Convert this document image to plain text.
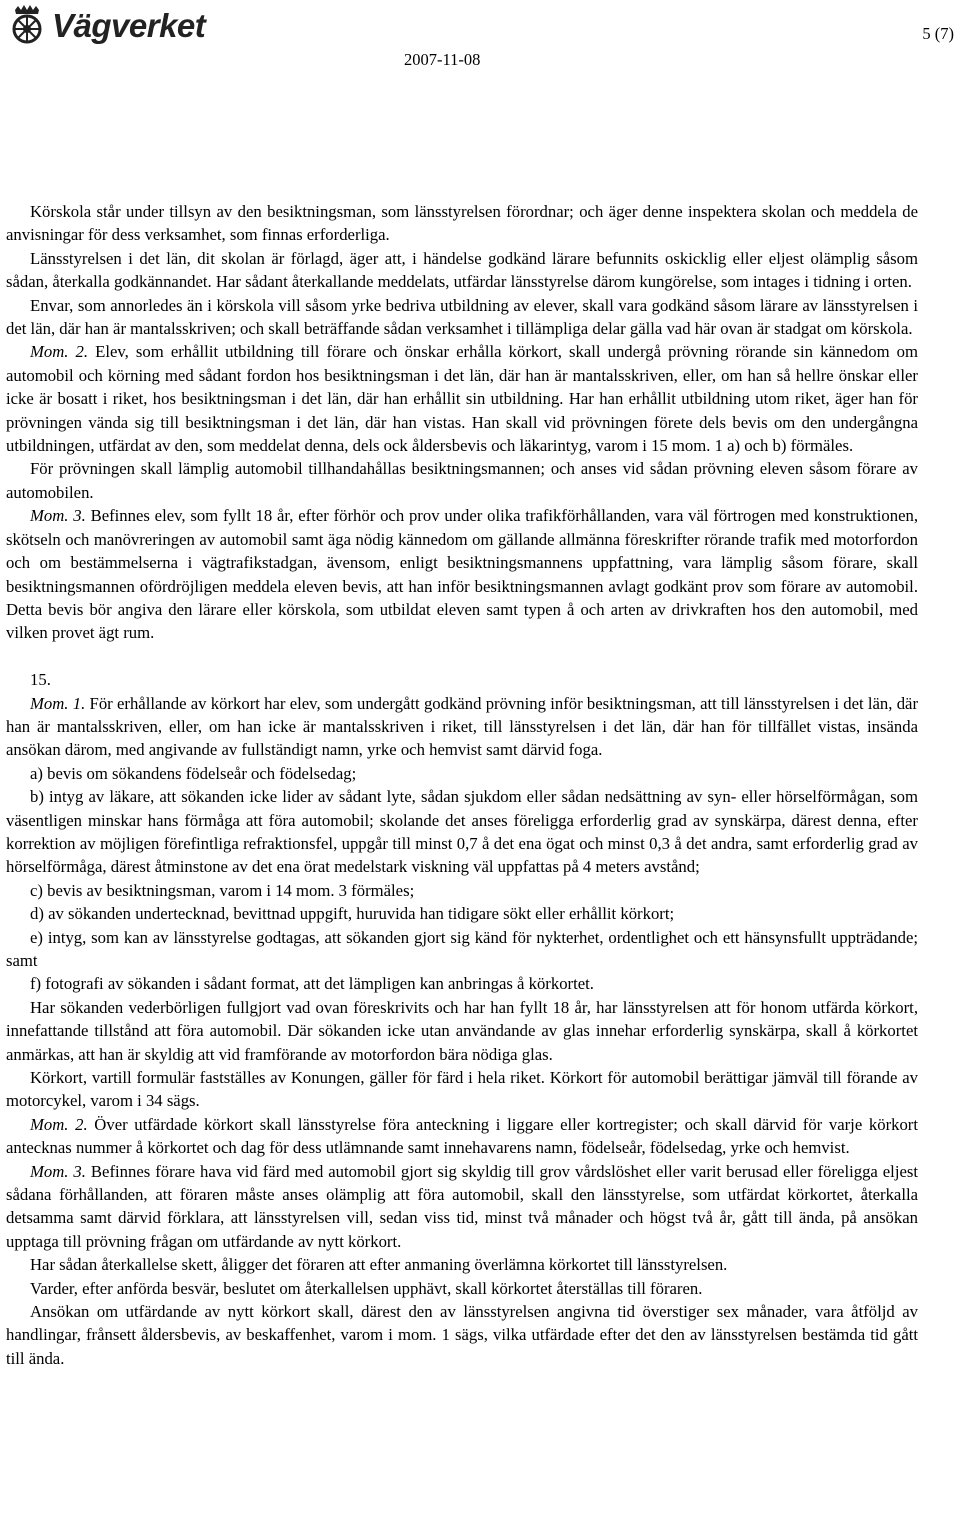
Vägverket
2007-11-08
5 (7)

Körskola står under tillsyn av den besiktningsman, som länsstyrelsen förordnar; och äger denne inspektera skolan och meddela de anvisningar för dess verksamhet, som finnas erforderliga.

Länsstyrelsen i det län, dit skolan är förlagd, äger att, i händelse godkänd lärare befunnits oskicklig eller eljest olämplig såsom sådan, återkalla godkännandet. Har sådant återkallande meddelats, utfärdar länsstyrelse därom kungörelse, som intages i tidning i orten.

Envar, som annorledes än i körskola vill såsom yrke bedriva utbildning av elever, skall vara godkänd såsom lärare av länsstyrelsen i det län, där han är mantalsskriven; och skall beträffande sådan verksamhet i tillämpliga delar gälla vad här ovan är stadgat om körskola.

Mom. 2. Elev, som erhållit utbildning till förare och önskar erhålla körkort, skall undergå prövning rörande sin kännedom om automobil och körning med sådant fordon hos besiktningsman i det län, där han är mantalsskriven, eller, om han så hellre önskar eller icke är bosatt i riket, hos besiktningsman i det län, där han erhållit sin utbildning. Har han erhållit utbildning utom riket, äger han för prövningen vända sig till besiktningsman i det län, där han vistas. Han skall vid prövningen förete dels bevis om den undergångna utbildningen, utfärdat av den, som meddelat denna, dels ock åldersbevis och läkarintyg, varom i 15 mom. 1 a) och b) förmäles.

För prövningen skall lämplig automobil tillhandahållas besiktningsmannen; och anses vid sådan prövning eleven såsom förare av automobilen.

Mom. 3. Befinnes elev, som fyllt 18 år, efter förhör och prov under olika trafikförhållanden, vara väl förtrogen med konstruktionen, skötseln och manövreringen av automobil samt äga nödig kännedom om gällande allmänna föreskrifter rörande trafik med motorfordon och om bestämmelserna i vägtrafikstadgan, ävensom, enligt besiktningsmannens uppfattning, vara lämplig såsom förare, skall besiktningsmannen ofördröjligen meddela eleven bevis, att han inför besiktningsmannen avlagt godkänt prov som förare av automobil. Detta bevis bör angiva den lärare eller körskola, som utbildat eleven samt typen å och arten av drivkraften hos den automobil, med vilken provet ägt rum.

15.

Mom. 1. För erhållande av körkort har elev, som undergått godkänd prövning inför besiktningsman, att till länsstyrelsen i det län, där han är mantalsskriven, eller, om han icke är mantalsskriven i riket, till länsstyrelsen i det län, där han för tillfället vistas, insända ansökan därom, med angivande av fullständigt namn, yrke och hemvist samt därvid foga.

a) bevis om sökandens födelseår och födelsedag;

b) intyg av läkare, att sökanden icke lider av sådant lyte, sådan sjukdom eller sådan nedsättning av syn- eller hörselförmågan, som väsentligen minskar hans förmåga att föra automobil; skolande det anses föreligga erforderlig grad av synskärpa, därest denna, efter korrektion av möjligen förefintliga refraktionsfel, uppgår till minst 0,7 å det ena ögat och minst 0,3 å det andra, samt erforderlig grad av hörselförmåga, därest åtminstone av det ena örat medelstark viskning väl uppfattas på 4 meters avstånd;

c) bevis av besiktningsman, varom i 14 mom. 3 förmäles;

d) av sökanden undertecknad, bevittnad uppgift, huruvida han tidigare sökt eller erhållit körkort;

e) intyg, som kan av länsstyrelse godtagas, att sökanden gjort sig känd för nykterhet, ordentlighet och ett hänsynsfullt uppträdande; samt

f) fotografi av sökanden i sådant format, att det lämpligen kan anbringas å körkortet.

Har sökanden vederbörligen fullgjort vad ovan föreskrivits och har han fyllt 18 år, har länsstyrelsen att för honom utfärda körkort, innefattande tillstånd att föra automobil. Där sökanden icke utan användande av glas innehar erforderlig synskärpa, skall å körkortet anmärkas, att han är skyldig att vid framförande av motorfordon bära nödiga glas.

Körkort, vartill formulär fastställes av Konungen, gäller för färd i hela riket. Körkort för automobil berättigar jämväl till förande av motorcykel, varom i 34 sägs.

Mom. 2. Över utfärdade körkort skall länsstyrelse föra anteckning i liggare eller kortregister; och skall därvid för varje körkort antecknas nummer å körkortet och dag för dess utlämnande samt innehavarens namn, födelseår, födelsedag, yrke och hemvist.

Mom. 3. Befinnes förare hava vid färd med automobil gjort sig skyldig till grov vårdslöshet eller varit berusad eller föreligga eljest sådana förhållanden, att föraren måste anses olämplig att föra automobil, skall den länsstyrelse, som utfärdat körkortet, återkalla detsamma samt därvid förklara, att länsstyrelsen vill, sedan viss tid, minst två månader och högst två år, gått till ända, på ansökan upptaga till prövning frågan om utfärdande av nytt körkort.

Har sådan återkallelse skett, åligger det föraren att efter anmaning överlämna körkortet till länsstyrelsen.

Varder, efter anförda besvär, beslutet om återkallelsen upphävt, skall körkortet återställas till föraren.

Ansökan om utfärdande av nytt körkort skall, därest den av länsstyrelsen angivna tid överstiger sex månader, vara åtföljd av handlingar, frånsett åldersbevis, av beskaffenhet, varom i mom. 1 sägs, vilka utfärdade efter det den av länsstyrelsen bestämda tid gått till ända.
